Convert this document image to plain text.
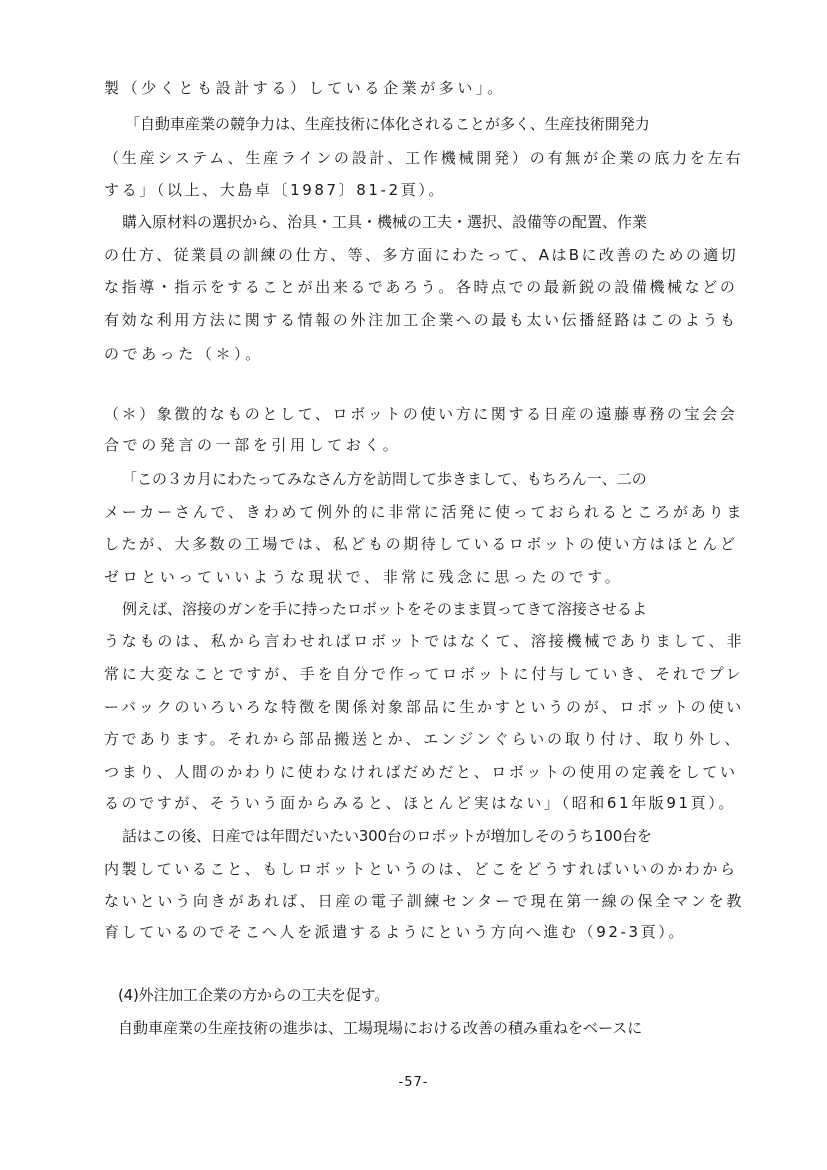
製（少くとも設計する）している企業が多い」。
「自動車産業の競争力は、生産技術に体化されることが多く、生産技術開発力
（生産システム、生産ラインの設計、工作機械開発）の有無が企業の底力を左右
する」（以上、大島卓〔1987〕81-2頁）。
購入原材料の選択から、治具・工具・機械の工夫・選択、設備等の配置、作業
の仕方、従業員の訓練の仕方、等、多方面にわたって、AはBに改善のための適切
な指導・指示をすることが出来るであろう。各時点での最新鋭の設備機械などの
有効な利用方法に関する情報の外注加工企業への最も太い伝播経路はこのようも
のであった（＊）。
（＊）象徴的なものとして、ロボットの使い方に関する日産の遠藤専務の宝会会
合での発言の一部を引用しておく。
「この３カ月にわたってみなさん方を訪問して歩きまして、もちろん一、二の
メーカーさんで、きわめて例外的に非常に活発に使っておられるところがありま
したが、大多数の工場では、私どもの期待しているロボットの使い方はほとんど
ゼロといっていいような現状で、非常に残念に思ったのです。
例えば、溶接のガンを手に持ったロボットをそのまま買ってきて溶接させるよ
うなものは、私から言わせればロボットではなくて、溶接機械でありまして、非
常に大変なことですが、手を自分で作ってロボットに付与していき、それでプレ
ーバックのいろいろな特徴を関係対象部品に生かすというのが、ロボットの使い
方であります。それから部品搬送とか、エンジンぐらいの取り付け、取り外し、
つまり、人間のかわりに使わなければだめだと、ロボットの使用の定義をしてい
るのですが、そういう面からみると、ほとんど実はない」（昭和61年版91頁）。
話はこの後、日産では年間だいたい300台のロボットが増加しそのうち100台を
内製していること、もしロボットというのは、どこをどうすればいいのかわから
ないという向きがあれば、日産の電子訓練センターで現在第一線の保全マンを教
育しているのでそこへ人を派遣するようにという方向へ進む（92-3頁）。
(4)外注加工企業の方からの工夫を促す。
自動車産業の生産技術の進歩は、工場現場における改善の積み重ねをベースに
-57-
